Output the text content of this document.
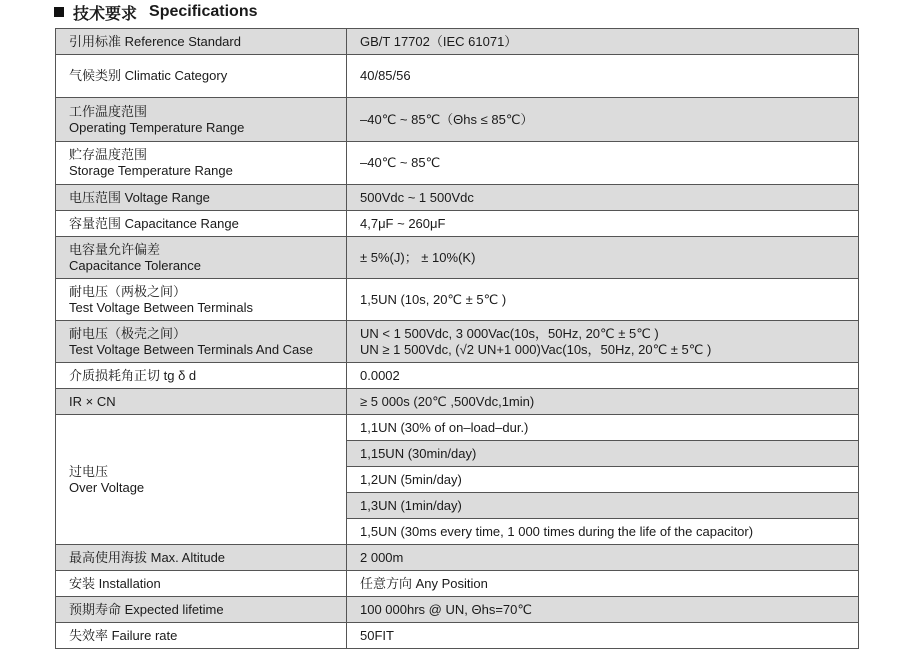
技术要求 Specifications
引用标准 Reference Standard	GB/T 17702（IEC 61071）
气候类别 Climatic Category	40/85/56

工作温度范围
Operating Temperature Range	–40℃ ~ 85℃（Θhs ≤ 85℃）

贮存温度范围
Storage Temperature Range	–40℃ ~ 85℃
电压范围 Voltage Range	500Vdc ~ 1 500Vdc
容量范围 Capacitance Range	4,7μF ~ 260μF

电容量允许偏差
Capacitance Tolerance	± 5%(J)； ± 10%(K)

耐电压（两极之间）
Test Voltage Between Terminals	1,5UN (10s, 20℃ ± 5℃ )

耐电压（极壳之间）
Test Voltage Between Terminals And Case	UN < 1 500Vdc, 3 000Vac(10s，50Hz, 20℃ ± 5℃ )
UN ≥ 1 500Vdc, (√2 UN+1 000)Vac(10s，50Hz, 20℃ ± 5℃ )

介质损耗角正切 tg δ d	0.0002
IR × CN	≥ 5 000s (20℃ ,500Vdc,1min)

过电压
Over Voltage	1,1UN (30% of on–load–dur.)
	1,15UN (30min/day)
	1,2UN (5min/day)
	1,3UN (1min/day)
	1,5UN (30ms every time, 1 000 times during the life of the capacitor)
最高使用海拔 Max. Altitude	2 000m
安装 Installation	任意方向 Any Position
预期寿命 Expected lifetime	100 000hrs @ UN, Θhs=70℃
失效率 Failure rate	50FIT
